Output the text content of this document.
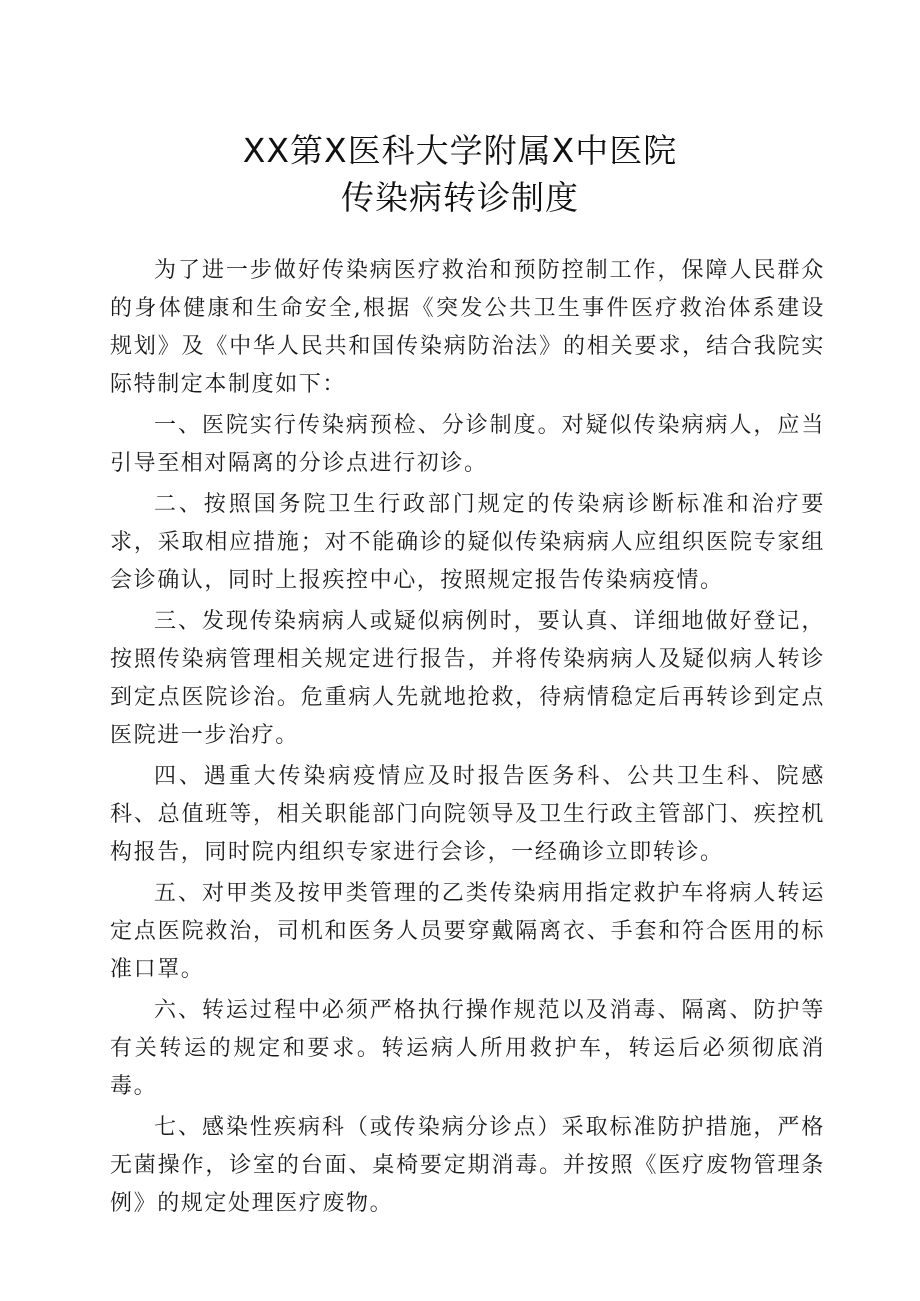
XX第X医科大学附属X中医院
传染病转诊制度

为了进一步做好传染病医疗救治和预防控制工作，保障人民群众的身体健康和生命安全,根据《突发公共卫生事件医疗救治体系建设规划》及《中华人民共和国传染病防治法》的相关要求，结合我院实际特制定本制度如下：

一、医院实行传染病预检、分诊制度。对疑似传染病病人，应当引导至相对隔离的分诊点进行初诊。

二、按照国务院卫生行政部门规定的传染病诊断标准和治疗要求，采取相应措施；对不能确诊的疑似传染病病人应组织医院专家组会诊确认，同时上报疾控中心，按照规定报告传染病疫情。

三、发现传染病病人或疑似病例时，要认真、详细地做好登记，按照传染病管理相关规定进行报告，并将传染病病人及疑似病人转诊到定点医院诊治。危重病人先就地抢救，待病情稳定后再转诊到定点医院进一步治疗。

四、遇重大传染病疫情应及时报告医务科、公共卫生科、院感科、总值班等，相关职能部门向院领导及卫生行政主管部门、疾控机构报告，同时院内组织专家进行会诊，一经确诊立即转诊。

五、对甲类及按甲类管理的乙类传染病用指定救护车将病人转运定点医院救治，司机和医务人员要穿戴隔离衣、手套和符合医用的标准口罩。

六、转运过程中必须严格执行操作规范以及消毒、隔离、防护等有关转运的规定和要求。转运病人所用救护车，转运后必须彻底消毒。

七、感染性疾病科（或传染病分诊点）采取标准防护措施，严格无菌操作，诊室的台面、桌椅要定期消毒。并按照《医疗废物管理条例》的规定处理医疗废物。
